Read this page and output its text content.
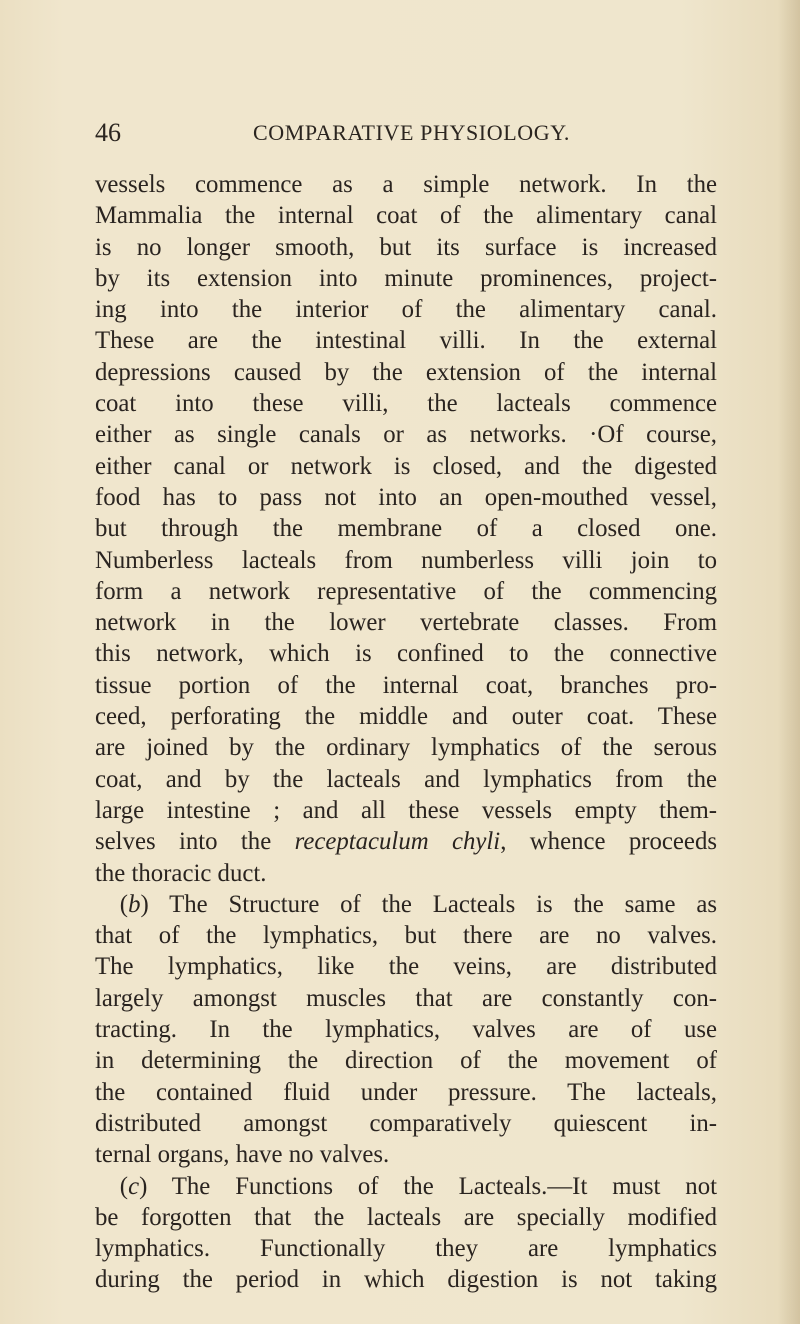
46	COMPARATIVE PHYSIOLOGY.
vessels commence as a simple network. In the
Mammalia the internal coat of the alimentary canal
is no longer smooth, but its surface is increased
by its extension into minute prominences, project-
ing into the interior of the alimentary canal.
These are the intestinal villi. In the external
depressions caused by the extension of the internal
coat into these villi, the lacteals commence
either as single canals or as networks. ·Of course,
either canal or network is closed, and the digested
food has to pass not into an open-mouthed vessel,
but through the membrane of a closed one.
Numberless lacteals from numberless villi join to
form a network representative of the commencing
network in the lower vertebrate classes. From
this network, which is confined to the connective
tissue portion of the internal coat, branches pro-
ceed, perforating the middle and outer coat. These
are joined by the ordinary lymphatics of the serous
coat, and by the lacteals and lymphatics from the
large intestine ; and all these vessels empty them-
selves into the receptaculum chyli, whence proceeds
the thoracic duct.
 (b) The Structure of the Lacteals is the same as
that of the lymphatics, but there are no valves.
The lymphatics, like the veins, are distributed
largely amongst muscles that are constantly con-
tracting. In the lymphatics, valves are of use
in determining the direction of the movement of
the contained fluid under pressure. The lacteals,
distributed amongst comparatively quiescent in-
ternal organs, have no valves.
 (c) The Functions of the Lacteals.—It must not
be forgotten that the lacteals are specially modified
lymphatics. Functionally they are lymphatics
during the period in which digestion is not taking
